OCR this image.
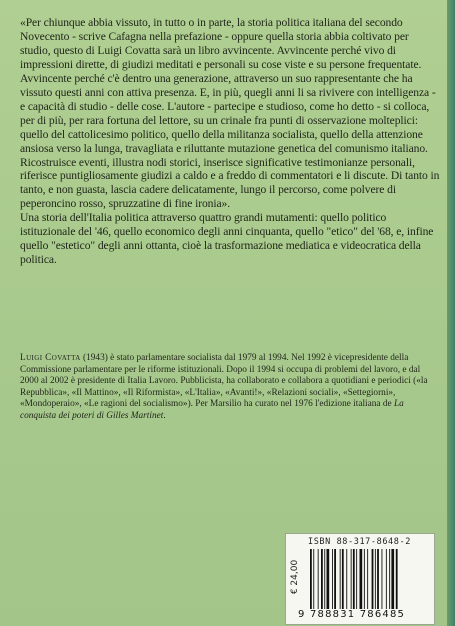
«Per chiunque abbia vissuto, in tutto o in parte, la storia politica italiana del secondo Novecento - scrive Cafagna nella prefazione - oppure quella storia abbia coltivato per studio, questo di Luigi Covatta sarà un libro avvincente. Avvincente perché vivo di impressioni dirette, di giudizi meditati e personali su cose viste e su persone frequentate. Avvincente perché c'è dentro una generazione, attraverso un suo rappresentante che ha vissuto questi anni con attiva presenza. E, in più, quegli anni li sa rivivere con intelligenza - e capacità di studio - delle cose. L'autore - partecipe e studioso, come ho detto - si colloca, per di più, per rara fortuna del lettore, su un crinale fra punti di osservazione molteplici: quello del cattolicesimo politico, quello della militanza socialista, quello della attenzione ansiosa verso la lunga, travagliata e riluttante mutazione genetica del comunismo italiano. Ricostruisce eventi, illustra nodi storici, inserisce significative testimonianze personali, riferisce puntigliosamente giudizi a caldo e a freddo di commentatori e li discute. Di tanto in tanto, e non guasta, lascia cadere delicatamente, lungo il percorso, come polvere di peperoncino rosso, spruzzatine di fine ironia».

Una storia dell'Italia politica attraverso quattro grandi mutamenti: quello politico istituzionale del '46, quello economico degli anni cinquanta, quello "etico" del '68, e, infine quello "estetico" degli anni ottanta, cioè la trasformazione mediatica e videocratica della politica.

Luigi Covatta (1943) è stato parlamentare socialista dal 1979 al 1994. Nel 1992 è vicepresidente della Commissione parlamentare per le riforme istituzionali. Dopo il 1994 si occupa di problemi del lavoro, e dal 2000 al 2002 è presidente di Italia Lavoro. Pubblicista, ha collaborato e collabora a quotidiani e periodici («la Repubblica», «Il Mattino», «Il Riformista», «L'Italia», «Avanti!», «Relazioni sociali», «Settegiorni», «Mondoperaio», «Le ragioni del socialismo»). Per Marsilio ha curato nel 1976 l'edizione italiana de La conquista dei poteri di Gilles Martinet.

ISBN 88-317-8648-2
€ 24,00
9 788831 786485
